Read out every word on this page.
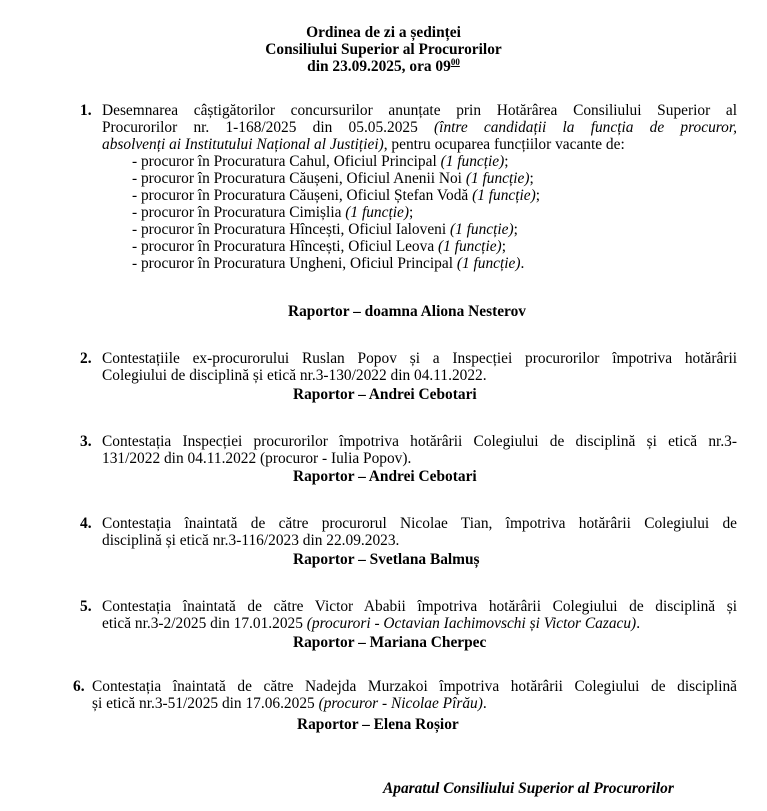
Ordinea de zi a ședinței
Consiliului Superior al Procurorilor
din 23.09.2025, ora $09^{00}$
1. Desemnarea câștigătorilor concursurilor anunțate prin Hotărârea Consiliului Superior al
Procurorilor nr. 1-168/2025 din 05.05.2025 (între candidații la funcția de procuror,
absolvenți ai Institutului Național al Justiției), pentru ocuparea funcțiilor vacante de:
- procuror în Procuratura Cahul, Oficiul Principal (1 funcție);
- procuror în Procuratura Căușeni, Oficiul Anenii Noi (1 funcție);
- procuror în Procuratura Căușeni, Oficiul Ștefan Vodă (1 funcție);
- procuror în Procuratura Cimișlia (1 funcție);
- procuror în Procuratura Hîncești, Oficiul Ialoveni (1 funcție);
- procuror în Procuratura Hîncești, Oficiul Leova (1 funcție);
- procuror în Procuratura Ungheni, Oficiul Principal (1 funcție).
Raportor – doamna Aliona Nesterov
2. Contestațiile ex-procurorului Ruslan Popov și a Inspecției procurorilor împotriva hotărârii
Colegiului de disciplină și etică nr.3-130/2022 din 04.11.2022.
Raportor – Andrei Cebotari
3. Contestația Inspecției procurorilor împotriva hotărârii Colegiului de disciplină și etică nr.3-
131/2022 din 04.11.2022 (procuror - Iulia Popov).
Raportor – Andrei Cebotari
4. Contestația înaintată de către procurorul Nicolae Tian, împotriva hotărârii Colegiului de
disciplină și etică nr.3-116/2023 din 22.09.2023.
Raportor – Svetlana Balmuș
5. Contestația înaintată de către Victor Ababii împotriva hotărârii Colegiului de disciplină și
etică nr.3-2/2025 din 17.01.2025 (procurori - Octavian Iachimovschi și Victor Cazacu).
Raportor – Mariana Cherpec
6. Contestația înaintată de către Nadejda Murzakoi împotriva hotărârii Colegiului de disciplină
și etică nr.3-51/2025 din 17.06.2025 (procuror - Nicolae Pîrău).
Raportor – Elena Roșior
Aparatul Consiliului Superior al Procurorilor
